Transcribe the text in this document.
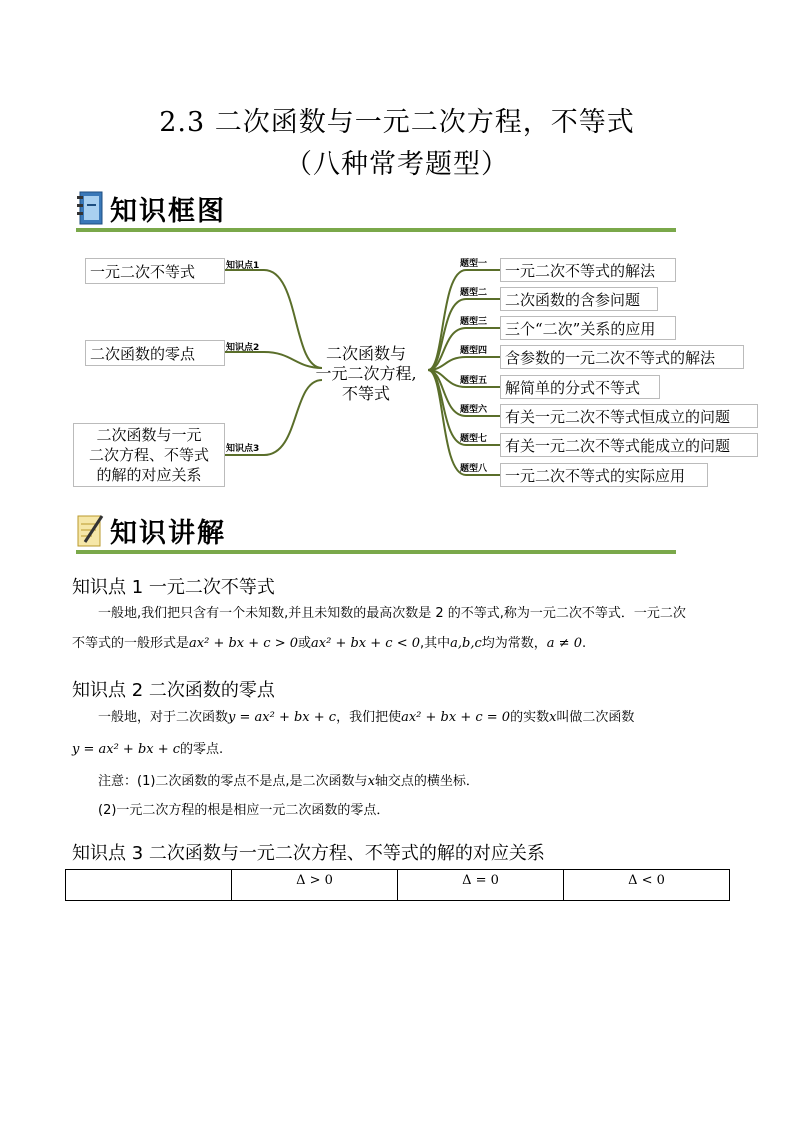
2.3 二次函数与一元二次方程，不等式
（八种常考题型）
知识框图
一元二次不等式	知识点1
二次函数的零点	知识点2
二次函数与一元
二次方程、不等式
的解的对应关系
知识点3
二次函数与
一元二次方程,
不等式
题型一 一元二次不等式的解法
题型二 二次函数的含参问题
题型三 三个“二次”关系的应用
题型四 含参数的一元二次不等式的解法
题型五 解简单的分式不等式
题型六 有关一元二次不等式恒成立的问题
题型七 有关一元二次不等式能成立的问题
题型八 一元二次不等式的实际应用
知识讲解
知识点 1 一元二次不等式
一般地,我们把只含有一个未知数,并且未知数的最高次数是 2 的不等式,称为一元二次不等式．一元二次
不等式的一般形式是ax² + bx + c > 0或ax² + bx + c < 0,其中a,b,c均为常数，a ≠ 0.
知识点 2 二次函数的零点
一般地，对于二次函数y = ax² + bx + c，我们把使ax² + bx + c = 0的实数x叫做二次函数
y = ax² + bx + c的零点.
注意：(1)二次函数的零点不是点,是二次函数与x轴交点的横坐标．
(2)一元二次方程的根是相应一元二次函数的零点．
知识点 3 二次函数与一元二次方程、不等式的解的对应关系
	Δ > 0	Δ = 0	Δ < 0
